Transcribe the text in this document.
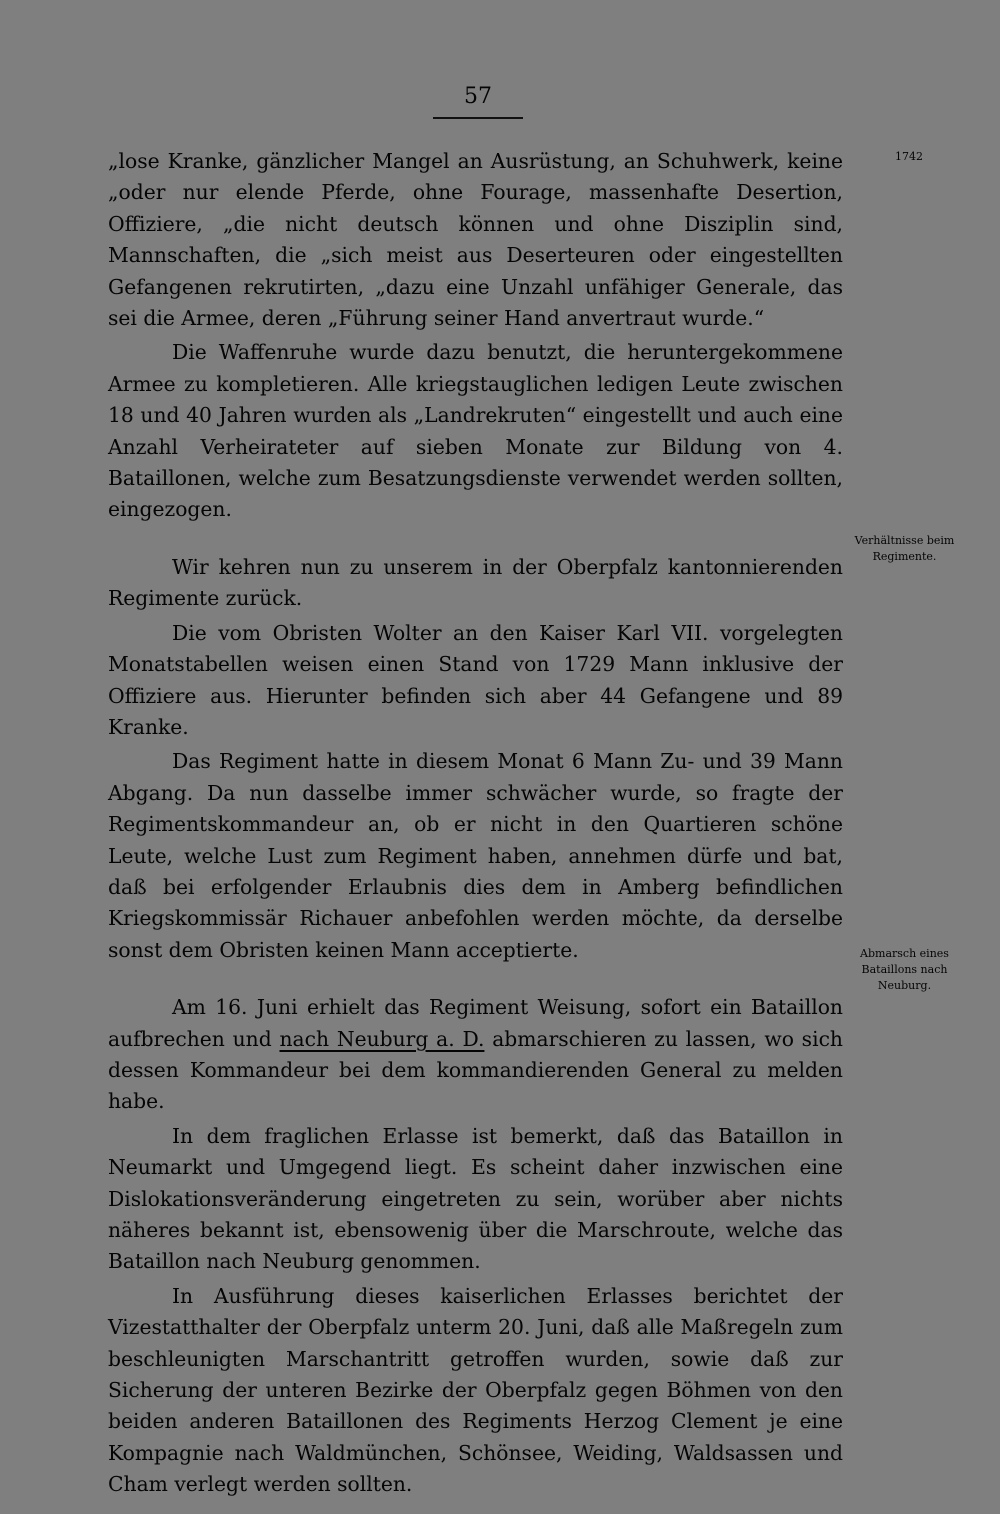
57
1742
Verhältnisse beim Regimente.
Abmarsch eines Bataillons nach Neuburg.

„lose Kranke, gänzlicher Mangel an Ausrüstung, an Schuhwerk, keine „oder nur elende Pferde, ohne Fourage, massenhafte Desertion, Offiziere, „die nicht deutsch können und ohne Disziplin sind, Mannschaften, die „sich meist aus Deserteuren oder eingestellten Gefangenen rekrutirten, „dazu eine Unzahl unfähiger Generale, das sei die Armee, deren „Führung seiner Hand anvertraut wurde.“

Die Waffenruhe wurde dazu benutzt, die heruntergekommene Armee zu kompletieren. Alle kriegstauglichen ledigen Leute zwischen 18 und 40 Jahren wurden als „Landrekruten“ eingestellt und auch eine Anzahl Verheirateter auf sieben Monate zur Bildung von 4. Bataillonen, welche zum Besatzungsdienste verwendet werden sollten, eingezogen.

Wir kehren nun zu unserem in der Oberpfalz kantonnierenden Regimente zurück.

Die vom Obristen Wolter an den Kaiser Karl VII. vorgelegten Monatstabellen weisen einen Stand von 1729 Mann inklusive der Offiziere aus. Hierunter befinden sich aber 44 Gefangene und 89 Kranke.

Das Regiment hatte in diesem Monat 6 Mann Zu- und 39 Mann Abgang. Da nun dasselbe immer schwächer wurde, so fragte der Regimentskommandeur an, ob er nicht in den Quartieren schöne Leute, welche Lust zum Regiment haben, annehmen dürfe und bat, daß bei erfolgender Erlaubnis dies dem in Amberg befindlichen Kriegskommissär Richauer anbefohlen werden möchte, da derselbe sonst dem Obristen keinen Mann acceptierte.

Am 16. Juni erhielt das Regiment Weisung, sofort ein Bataillon aufbrechen und nach Neuburg a. D. abmarschieren zu lassen, wo sich dessen Kommandeur bei dem kommandierenden General zu melden habe.

In dem fraglichen Erlasse ist bemerkt, daß das Bataillon in Neumarkt und Umgegend liegt. Es scheint daher inzwischen eine Dislokationsveränderung eingetreten zu sein, worüber aber nichts näheres bekannt ist, ebensowenig über die Marschroute, welche das Bataillon nach Neuburg genommen.

In Ausführung dieses kaiserlichen Erlasses berichtet der Vizestatthalter der Oberpfalz unterm 20. Juni, daß alle Maßregeln zum beschleunigten Marschantritt getroffen wurden, sowie daß zur Sicherung der unteren Bezirke der Oberpfalz gegen Böhmen von den beiden anderen Bataillonen des Regiments Herzog Clement je eine Kompagnie nach Waldmünchen, Schönsee, Weiding, Waldsassen und Cham verlegt werden sollten.
